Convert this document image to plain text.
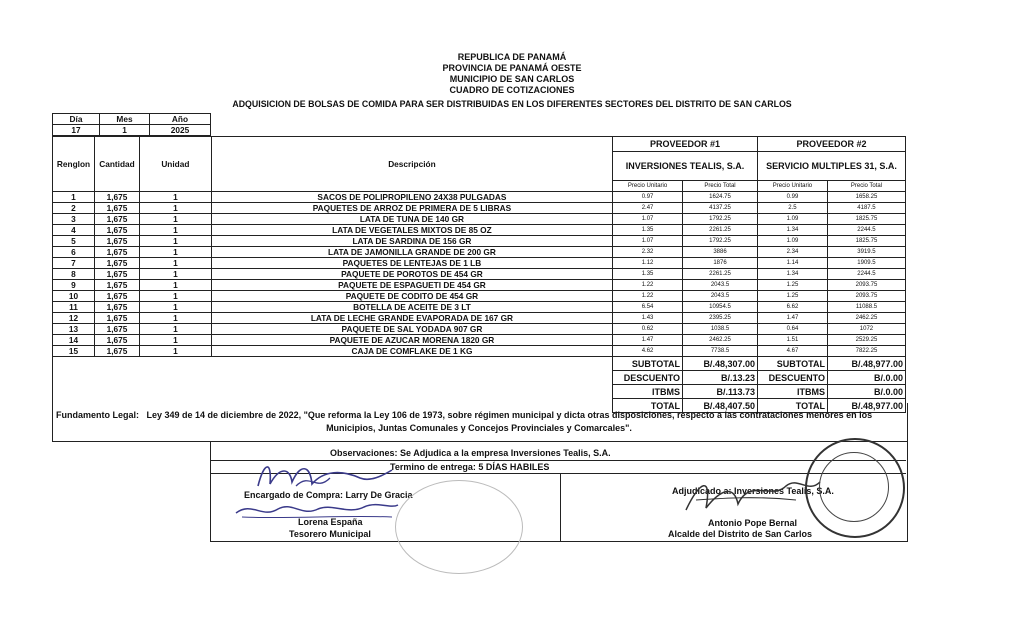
REPUBLICA DE PANAMÁ
PROVINCIA DE PANAMÁ OESTE
MUNICIPIO DE SAN CARLOS
CUADRO DE COTIZACIONES
ADQUISICION DE BOLSAS DE COMIDA PARA SER DISTRIBUIDAS EN LOS DIFERENTES SECTORES DEL DISTRITO DE SAN CARLOS
Día	Mes	Año
17	1	2025
Renglon	Cantidad	Unidad	Descripción	PROVEEDOR #1		PROVEEDOR #2	
				INVERSIONES TEALIS, S.A.		SERVICIO MULTIPLES 31, S.A.	
				Precio Unitario	Precio Total	Precio Unitario	Precio Total
1	1,675	1	SACOS DE POLIPROPILENO 24X38 PULGADAS	0.97	1624.75	0.99	1658.25
2	1,675	1	PAQUETES DE ARROZ DE PRIMERA DE 5 LIBRAS	2.47	4137.25	2.5	4187.5
3	1,675	1	LATA DE TUNA DE 140 GR	1.07	1792.25	1.09	1825.75
4	1,675	1	LATA DE VEGETALES MIXTOS DE 85 OZ	1.35	2261.25	1.34	2244.5
5	1,675	1	LATA DE SARDINA DE 156 GR	1.07	1792.25	1.09	1825.75
6	1,675	1	LATA DE JAMONILLA GRANDE DE 200 GR	2.32	3886	2.34	3919.5
7	1,675	1	PAQUETES DE LENTEJAS DE 1 LB	1.12	1876	1.14	1909.5
8	1,675	1	PAQUETE DE POROTOS DE 454 GR	1.35	2261.25	1.34	2244.5
9	1,675	1	PAQUETE DE ESPAGUETI DE 454 GR	1.22	2043.5	1.25	2093.75
10	1,675	1	PAQUETE DE CODITO DE 454 GR	1.22	2043.5	1.25	2093.75
11	1,675	1	BOTELLA DE ACEITE DE 3 LT	6.54	10954.5	6.62	11088.5
12	1,675	1	LATA DE LECHE GRANDE EVAPORADA DE 167 GR	1.43	2395.25	1.47	2462.25
13	1,675	1	PAQUETE DE SAL YODADA 907 GR	0.62	1038.5	0.64	1072
14	1,675	1	PAQUETE DE AZUCAR MORENA 1820 GR	1.47	2462.25	1.51	2529.25
15	1,675	1	CAJA DE COMFLAKE DE 1 KG	4.62	7738.5	4.67	7822.25
				SUBTOTAL	B/.48,307.00	SUBTOTAL	B/.48,977.00
				DESCUENTO	B/.13.23	DESCUENTO	B/.0.00
				ITBMS	B/.113.73	ITBMS	B/.0.00
				TOTAL	B/.48,407.50	TOTAL	B/.48,977.00
Fundamento Legal: Ley 349 de 14 de diciembre de 2022, "Que reforma la Ley 106 de 1973, sobre régimen municipal y dicta otras disposiciones, respecto a las contrataciones menores en los
Municipios, Juntas Comunales y Concejos Provinciales y Comarcales".
Observaciones: Se Adjudica a la empresa Inversiones Tealis, S.A.
Termino de entrega: 5 DÍAS HABILES
Encargado de Compra: Larry De Gracia
Lorena España
Tesorero Municipal
Adjudicado a: Inversiones Tealis, S.A.
Antonio Pope Bernal
Alcalde del Distrito de San Carlos
